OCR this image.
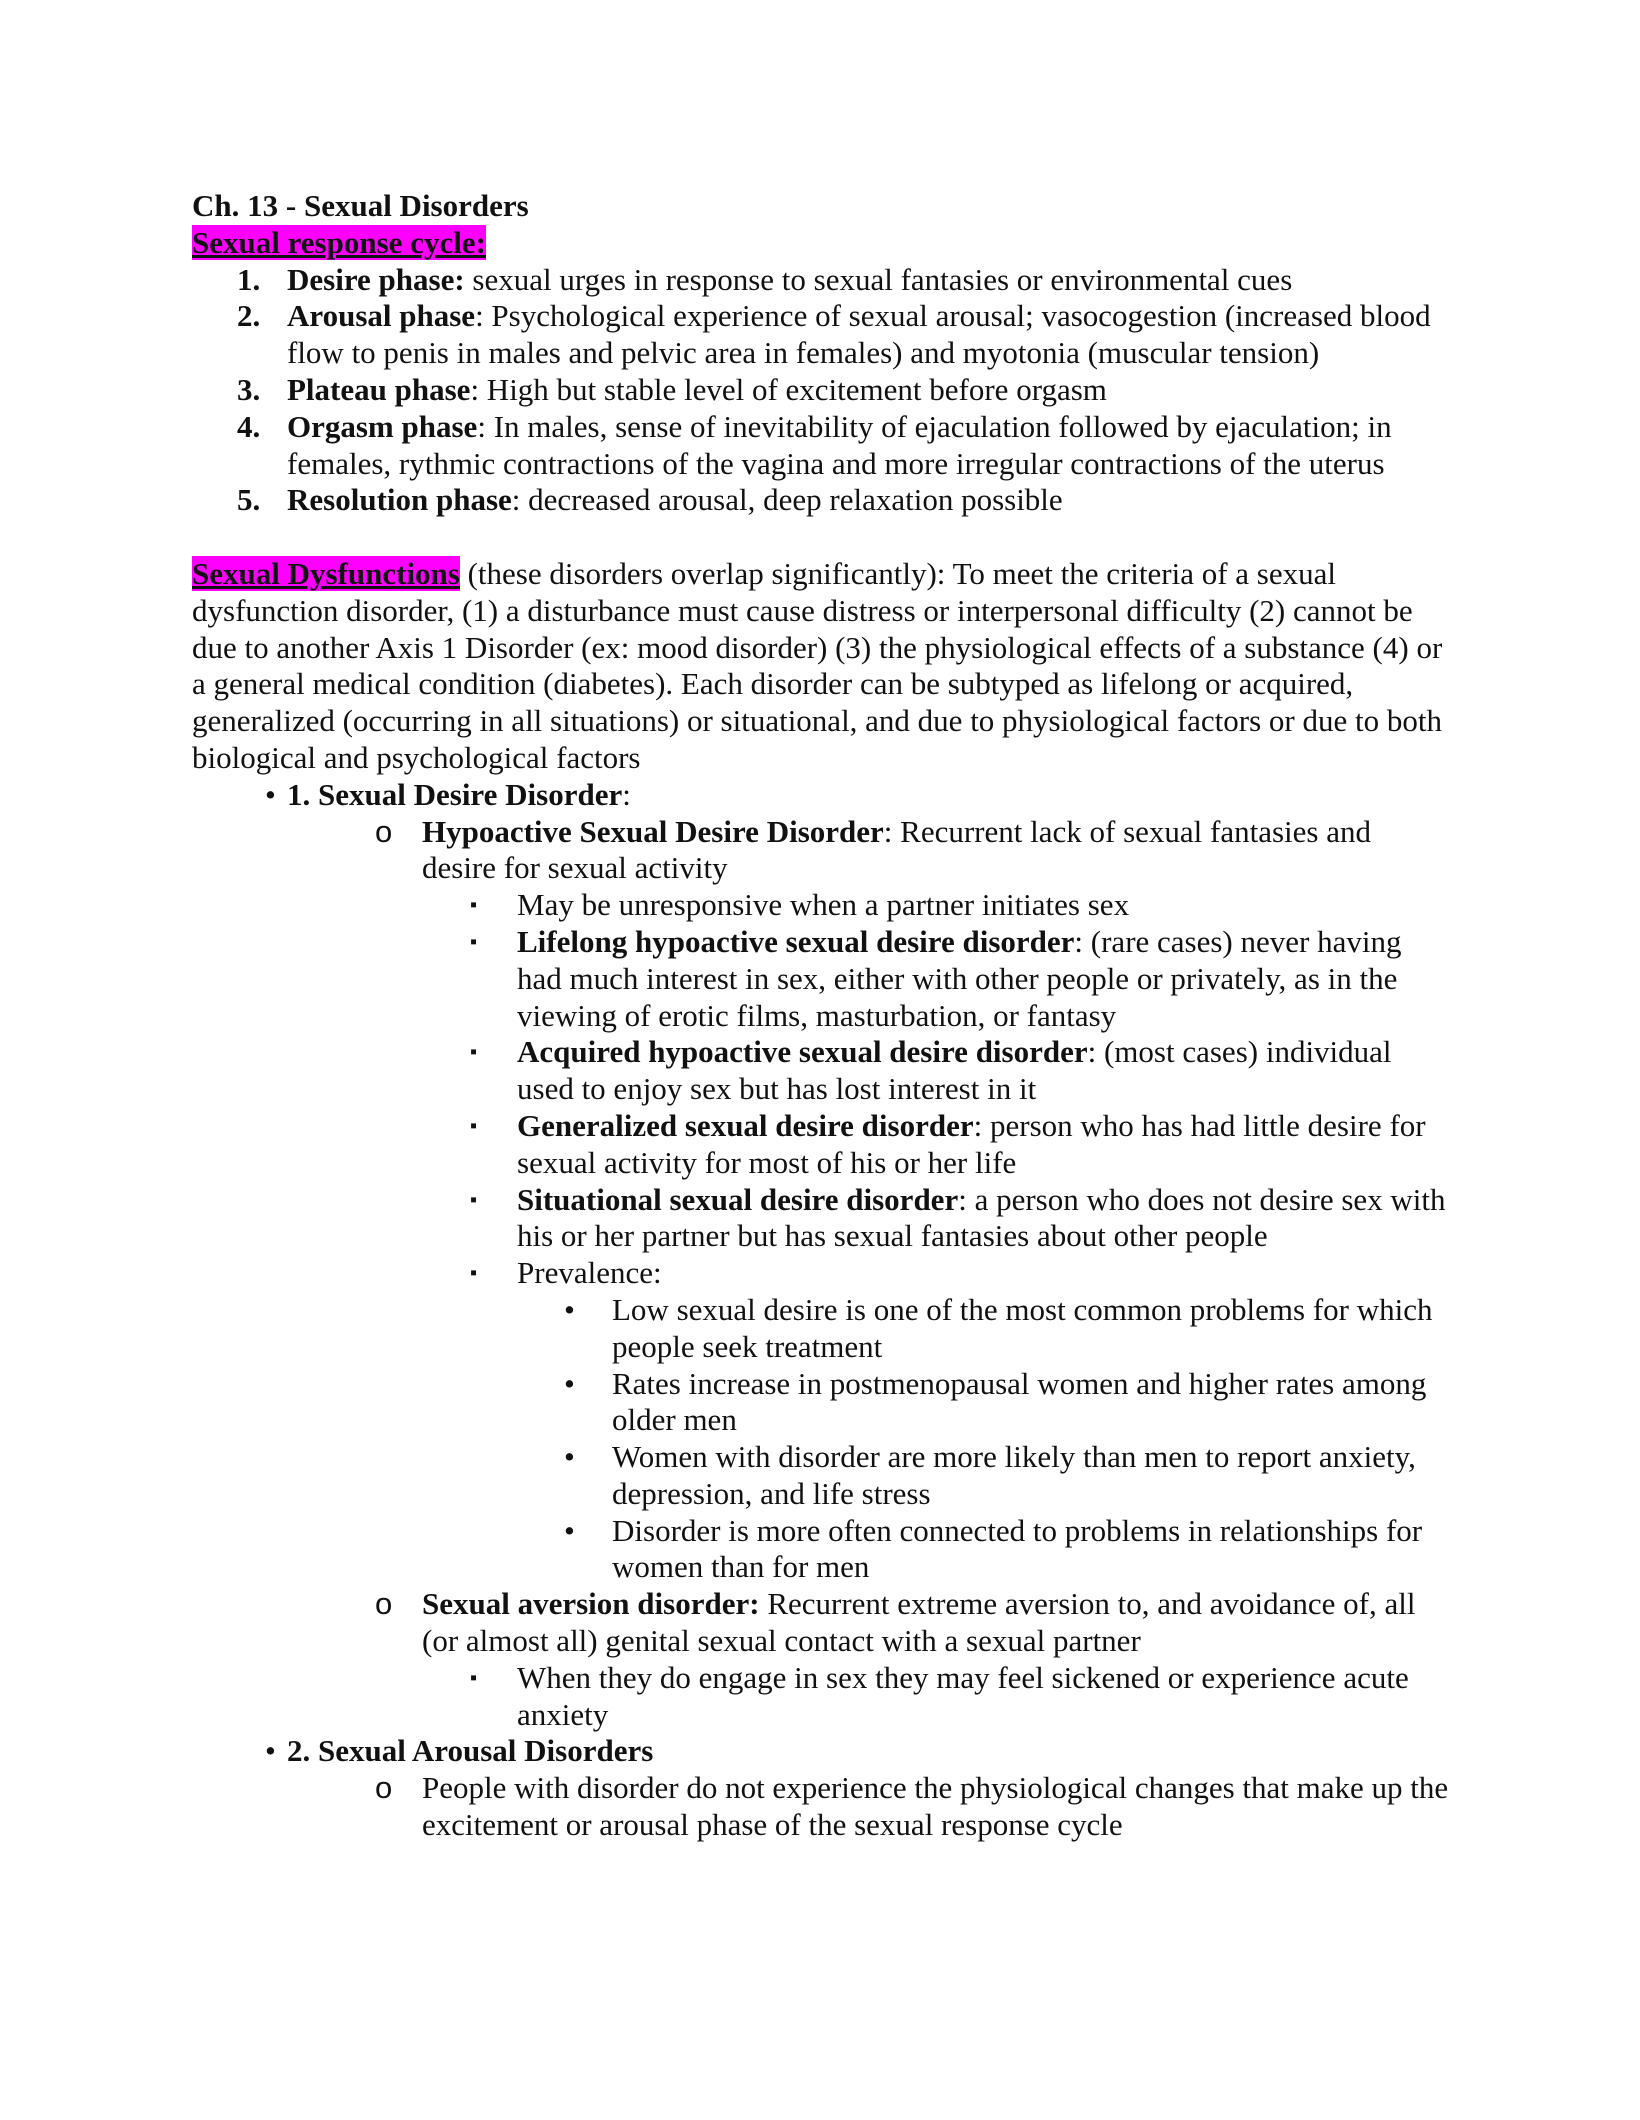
Ch. 13 - Sexual Disorders
Sexual response cycle:
1. Desire phase: sexual urges in response to sexual fantasies or environmental cues
2. Arousal phase: Psychological experience of sexual arousal; vasocogestion (increased blood flow to penis in males and pelvic area in females) and myotonia (muscular tension)
3. Plateau phase: High but stable level of excitement before orgasm
4. Orgasm phase: In males, sense of inevitability of ejaculation followed by ejaculation; in females, rythmic contractions of the vagina and more irregular contractions of the uterus
5. Resolution phase: decreased arousal, deep relaxation possible

Sexual Dysfunctions (these disorders overlap significantly): To meet the criteria of a sexual dysfunction disorder, (1) a disturbance must cause distress or interpersonal difficulty (2) cannot be due to another Axis 1 Disorder (ex: mood disorder) (3) the physiological effects of a substance (4) or a general medical condition (diabetes). Each disorder can be subtyped as lifelong or acquired, generalized (occurring in all situations) or situational, and due to physiological factors or due to both biological and psychological factors

• 1. Sexual Desire Disorder:
o Hypoactive Sexual Desire Disorder: Recurrent lack of sexual fantasies and desire for sexual activity
▪ May be unresponsive when a partner initiates sex
▪ Lifelong hypoactive sexual desire disorder: (rare cases) never having had much interest in sex, either with other people or privately, as in the viewing of erotic films, masturbation, or fantasy
▪ Acquired hypoactive sexual desire disorder: (most cases) individual used to enjoy sex but has lost interest in it
▪ Generalized sexual desire disorder: person who has had little desire for sexual activity for most of his or her life
▪ Situational sexual desire disorder: a person who does not desire sex with his or her partner but has sexual fantasies about other people
▪ Prevalence:
• Low sexual desire is one of the most common problems for which people seek treatment
• Rates increase in postmenopausal women and higher rates among older men
• Women with disorder are more likely than men to report anxiety, depression, and life stress
• Disorder is more often connected to problems in relationships for women than for men
o Sexual aversion disorder: Recurrent extreme aversion to, and avoidance of, all (or almost all) genital sexual contact with a sexual partner
▪ When they do engage in sex they may feel sickened or experience acute anxiety
• 2. Sexual Arousal Disorders
o People with disorder do not experience the physiological changes that make up the excitement or arousal phase of the sexual response cycle
